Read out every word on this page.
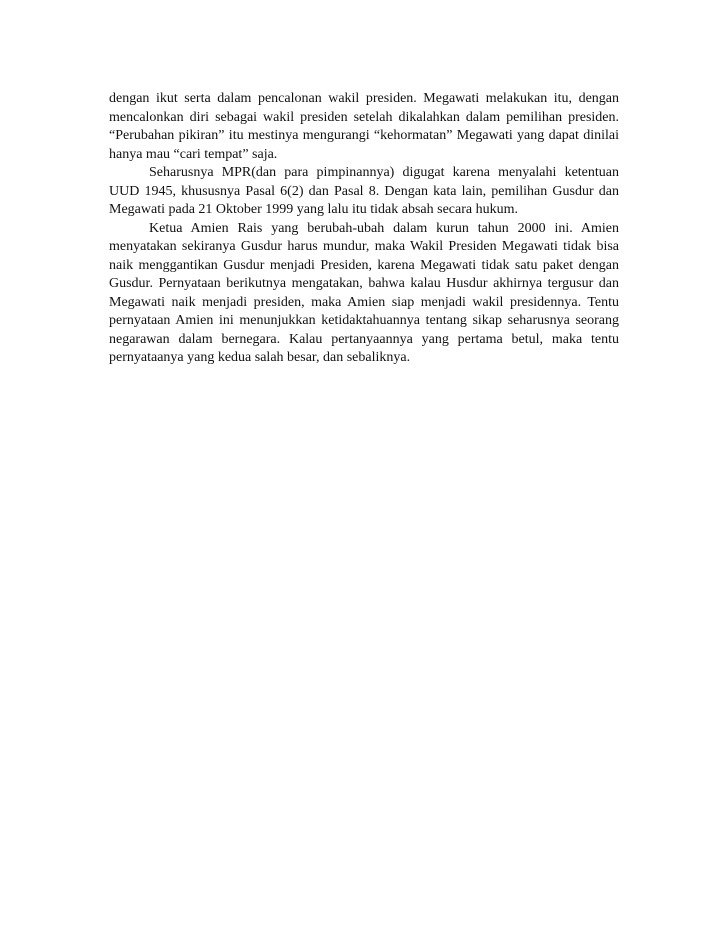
dengan ikut serta dalam pencalonan wakil presiden. Megawati melakukan itu, dengan mencalonkan diri sebagai wakil presiden setelah dikalahkan dalam pemilihan presiden. “Perubahan pikiran” itu mestinya mengurangi “kehormatan” Megawati yang dapat dinilai hanya mau “cari tempat” saja.

Seharusnya MPR(dan para pimpinannya) digugat karena menyalahi ketentuan UUD 1945, khususnya Pasal 6(2) dan Pasal 8. Dengan kata lain, pemilihan Gusdur dan Megawati pada 21 Oktober 1999 yang lalu itu tidak absah secara hukum.

Ketua Amien Rais yang berubah-ubah dalam kurun tahun 2000 ini. Amien menyatakan sekiranya Gusdur harus mundur, maka Wakil Presiden Megawati tidak bisa naik menggantikan Gusdur menjadi Presiden, karena Megawati tidak satu paket dengan Gusdur. Pernyataan berikutnya mengatakan, bahwa kalau Husdur akhirnya tergusur dan Megawati naik menjadi presiden, maka Amien siap menjadi wakil presidennya. Tentu pernyataan Amien ini menunjukkan ketidaktahuannya tentang sikap seharusnya seorang negarawan dalam bernegara. Kalau pertanyaannya yang pertama betul, maka tentu pernyataanya yang kedua salah besar, dan sebaliknya.
